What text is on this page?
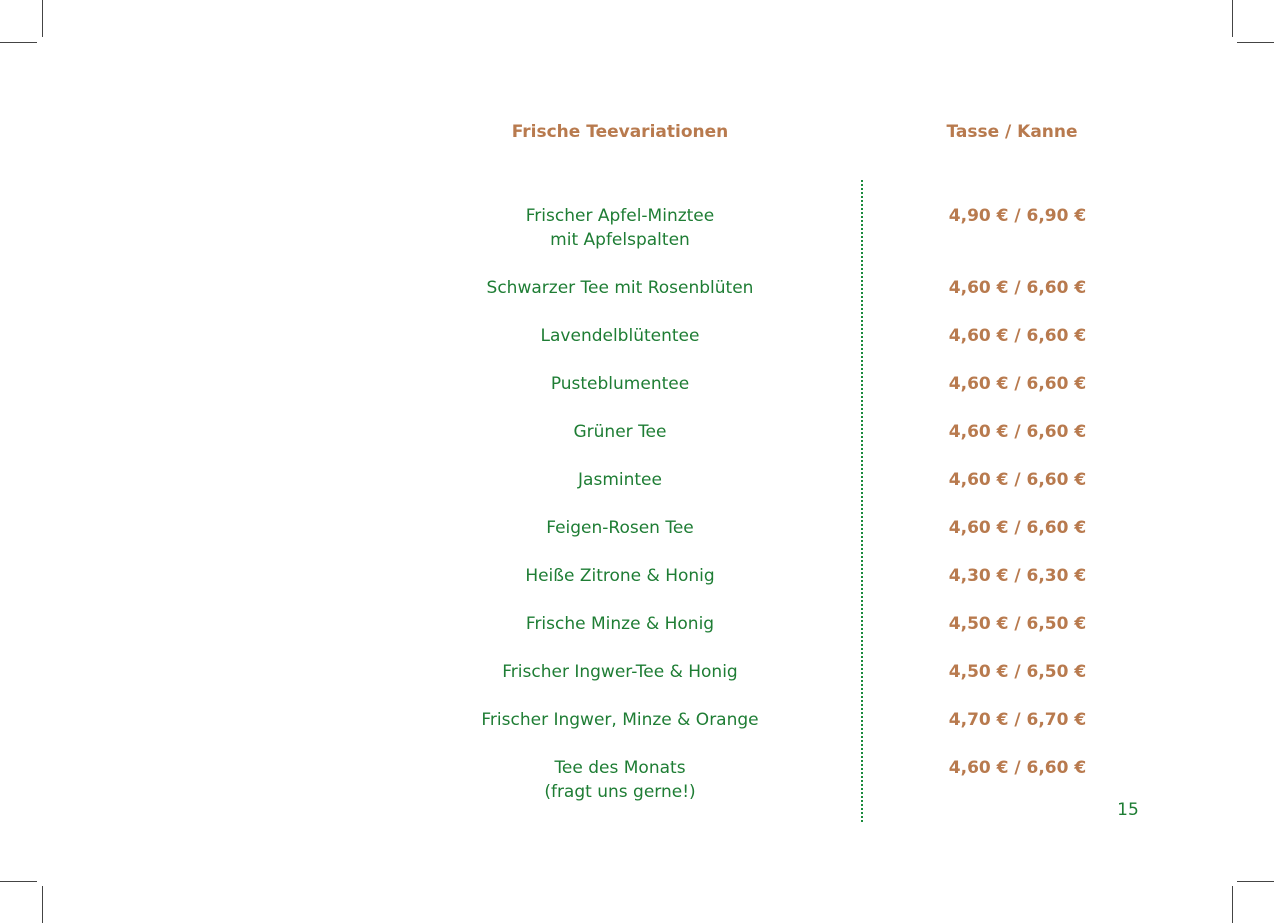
Frische Teevariationen	Tasse / Kanne
Frischer Apfel-Minztee
mit Apfelspalten
4,90 € / 6,90 €
Schwarzer Tee mit Rosenblüten	4,60 € / 6,60 €
Lavendelblütentee	4,60 € / 6,60 €
Pusteblumentee	4,60 € / 6,60 €
Grüner Tee	4,60 € / 6,60 €
Jasmintee	4,60 € / 6,60 €
Feigen-Rosen Tee	4,60 € / 6,60 €
Heiße Zitrone & Honig	4,30 € / 6,30 €
Frische Minze & Honig	4,50 € / 6,50 €
Frischer Ingwer-Tee & Honig	4,50 € / 6,50 €
Frischer Ingwer, Minze & Orange	4,70 € / 6,70 €
Tee des Monats
(fragt uns gerne!)
4,60 € / 6,60 €
15
